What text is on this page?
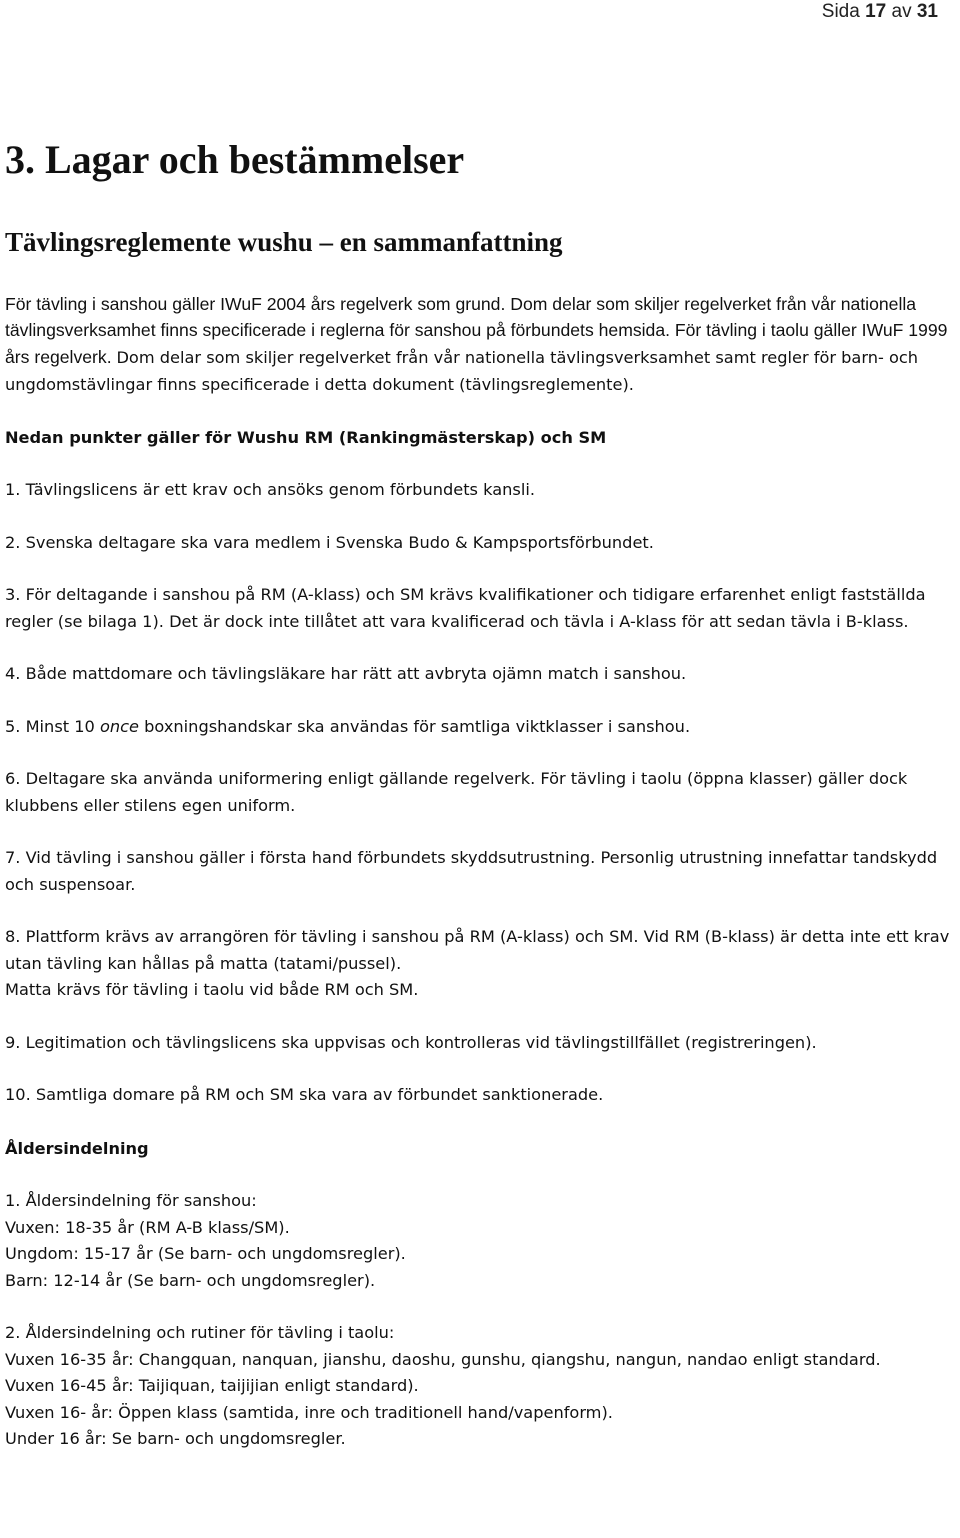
Sida 17 av 31
3. Lagar och bestämmelser
Tävlingsreglemente wushu – en sammanfattning

För tävling i sanshou gäller IWuF 2004 års regelverk som grund. Dom delar som skiljer regelverket från vår nationella tävlingsverksamhet finns specificerade i reglerna för sanshou på förbundets hemsida. För tävling i taolu gäller IWuF 1999 års regelverk. Dom delar som skiljer regelverket från vår nationella tävlingsverksamhet samt regler för barn- och ungdomstävlingar finns specificerade i detta dokument (tävlingsreglemente).

Nedan punkter gäller för Wushu RM (Rankingmästerskap) och SM

1. Tävlingslicens är ett krav och ansöks genom förbundets kansli.

2. Svenska deltagare ska vara medlem i Svenska Budo & Kampsportsförbundet.

3. För deltagande i sanshou på RM (A-klass) och SM krävs kvalifikationer och tidigare erfarenhet enligt fastställda regler (se bilaga 1). Det är dock inte tillåtet att vara kvalificerad och tävla i A-klass för att sedan tävla i B-klass.

4. Både mattdomare och tävlingsläkare har rätt att avbryta ojämn match i sanshou.

5. Minst 10 once boxningshandskar ska användas för samtliga viktklasser i sanshou.

6. Deltagare ska använda uniformering enligt gällande regelverk. För tävling i taolu (öppna klasser) gäller dock klubbens eller stilens egen uniform.

7. Vid tävling i sanshou gäller i första hand förbundets skyddsutrustning. Personlig utrustning innefattar tandskydd och suspensoar.

8. Plattform krävs av arrangören för tävling i sanshou på RM (A-klass) och SM. Vid RM (B-klass) är detta inte ett krav utan tävling kan hållas på matta (tatami/pussel).
Matta krävs för tävling i taolu vid både RM och SM.

9. Legitimation och tävlingslicens ska uppvisas och kontrolleras vid tävlingstillfället (registreringen).

10. Samtliga domare på RM och SM ska vara av förbundet sanktionerade.

Åldersindelning

1. Åldersindelning för sanshou:
Vuxen: 18-35 år (RM A-B klass/SM).
Ungdom: 15-17 år (Se barn- och ungdomsregler).
Barn: 12-14 år (Se barn- och ungdomsregler).
2. Åldersindelning och rutiner för tävling i taolu:
Vuxen 16-35 år: Changquan, nanquan, jianshu, daoshu, gunshu, qiangshu, nangun, nandao enligt standard.
Vuxen 16-45 år: Taijiquan, taijijian enligt standard).
Vuxen 16- år: Öppen klass (samtida, inre och traditionell hand/vapenform).
Under 16 år: Se barn- och ungdomsregler.
